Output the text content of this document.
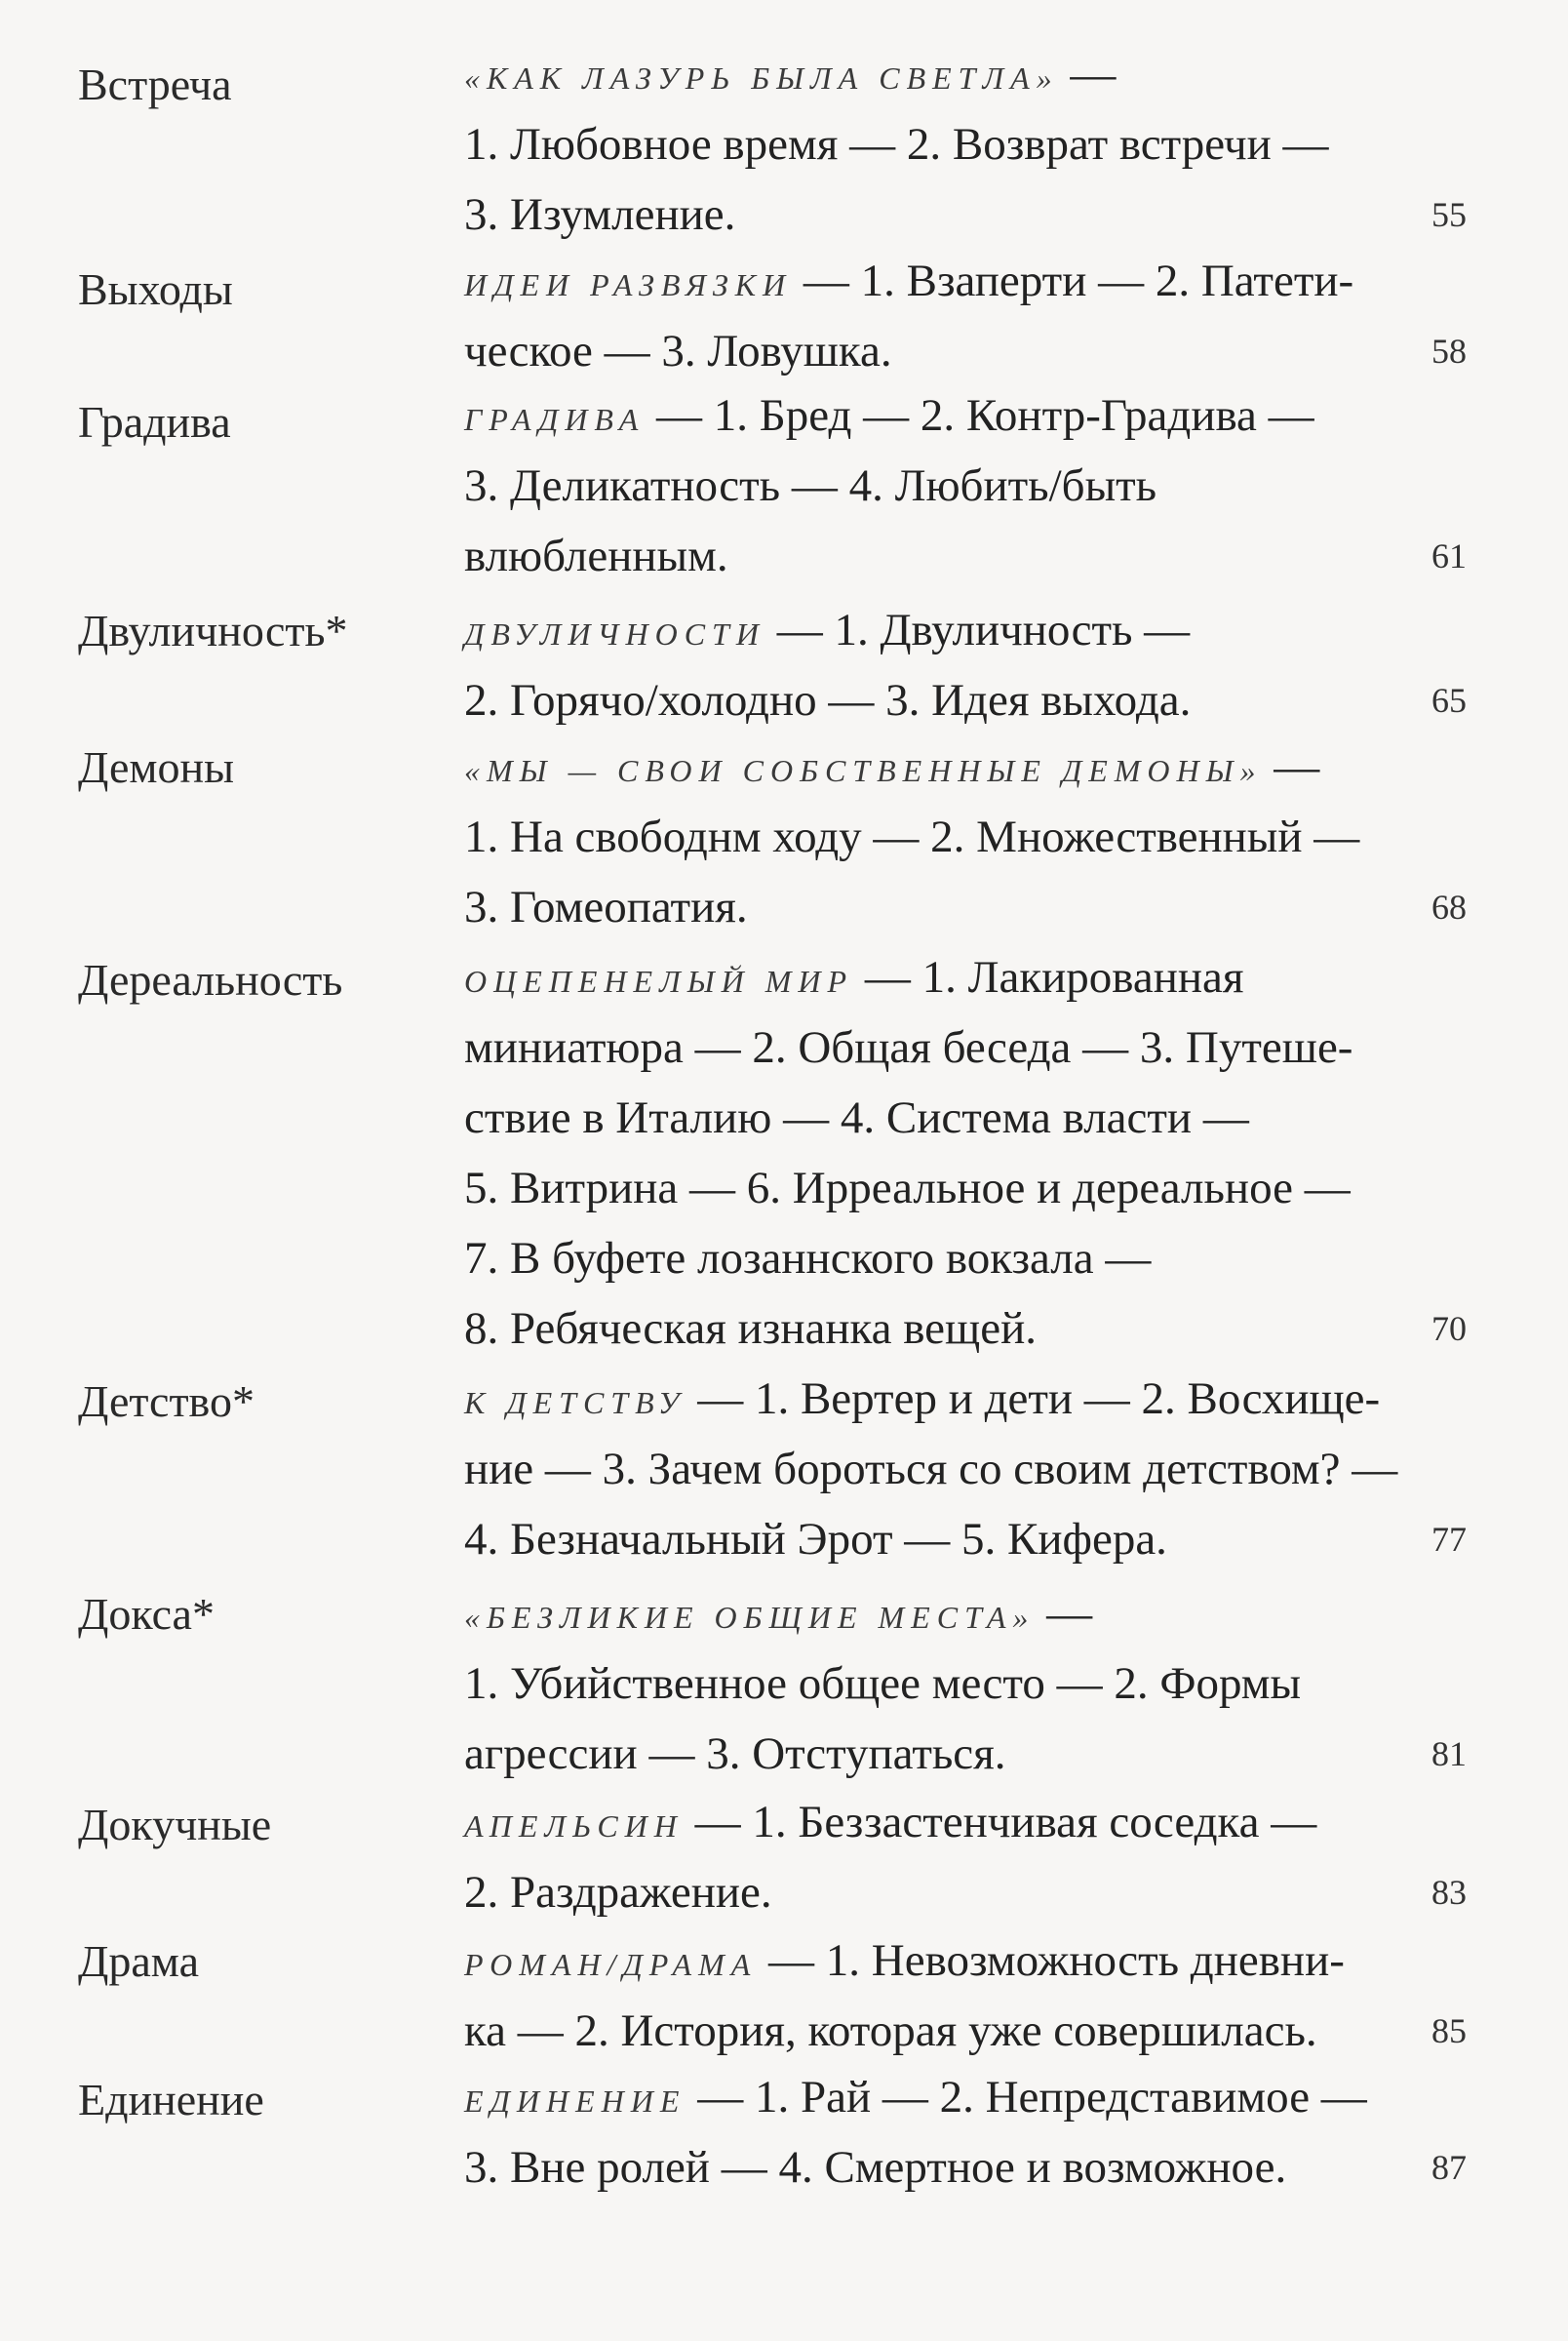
Встреча	«КАК ЛАЗУРЬ БЫЛА СВЕТЛА» —
1. Любовное время — 2. Возврат встречи —
3. Изумление.	55
Выходы	ИДЕИ РАЗВЯЗКИ — 1. Взаперти — 2. Патети-
ческое — 3. Ловушка.	58
Градива	ГРАДИВА — 1. Бред — 2. Контр-Градива —
3. Деликатность — 4. Любить/быть
влюбленным.	61
Двуличность*	ДВУЛИЧНОСТИ — 1. Двуличность —
2. Горячо/холодно — 3. Идея выхода.	65
Демоны	«МЫ — СВОИ СОБСТВЕННЫЕ ДЕМОНЫ» —
1. На свободнм ходу — 2. Множественный —
3. Гомеопатия.	68
Дереальность	ОЦЕПЕНЕЛЫЙ МИР — 1. Лакированная
миниатюра — 2. Общая беседа — 3. Путеше-
ствие в Италию — 4. Система власти —
5. Витрина — 6. Ирреальное и дереальное —
7. В буфете лозаннского вокзала —
8. Ребяческая изнанка вещей.	70
Детство*	К ДЕТСТВУ — 1. Вертер и дети — 2. Восхище-
ние — 3. Зачем бороться со своим детством? —
4. Безначальный Эрот — 5. Кифера.	77
Докса*	«БЕЗЛИКИЕ ОБЩИЕ МЕСТА» —
1. Убийственное общее место — 2. Формы
агрессии — 3. Отступаться.	81
Докучные	АПЕЛЬСИН — 1. Беззастенчивая соседка —
2. Раздражение.	83
Драма	РОМАН/ДРАМА — 1. Невозможность дневни-
ка — 2. История, которая уже совершилась.	85
Единение	ЕДИНЕНИЕ — 1. Рай — 2. Непредставимое —
3. Вне ролей — 4. Смертное и возможное.	87
